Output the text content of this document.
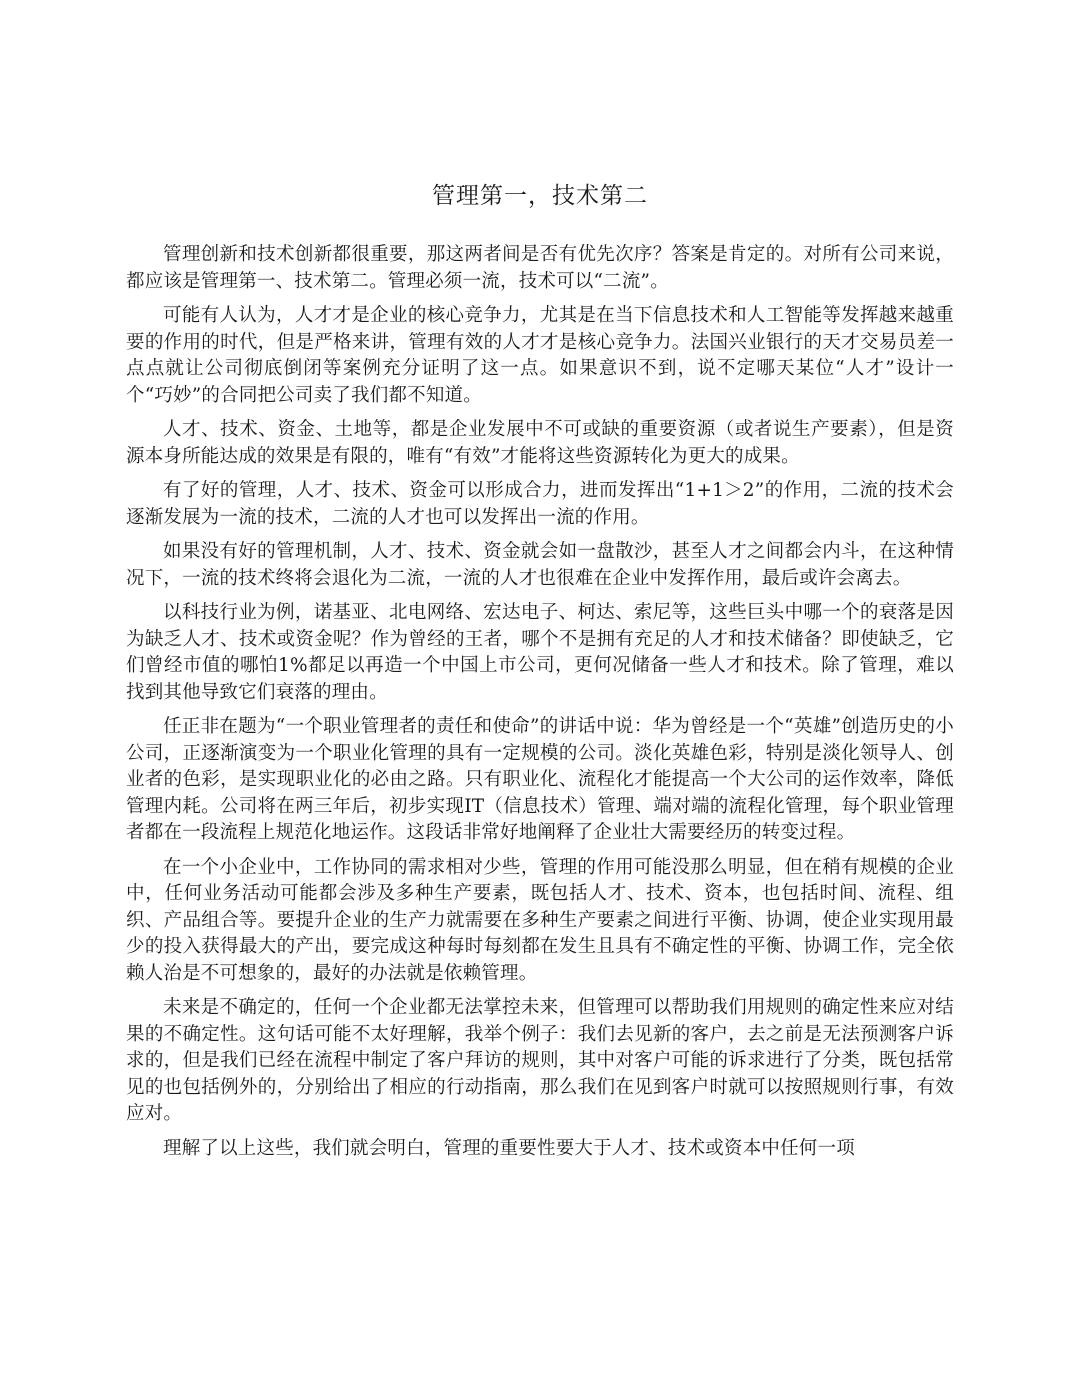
管理第一，技术第二

管理创新和技术创新都很重要，那这两者间是否有优先次序？答案是肯定的。对所有公司来说，都应该是管理第一、技术第二。管理必须一流，技术可以“二流”。

可能有人认为，人才才是企业的核心竞争力，尤其是在当下信息技术和人工智能等发挥越来越重要的作用的时代，但是严格来讲，管理有效的人才才是核心竞争力。法国兴业银行的天才交易员差一点点就让公司彻底倒闭等案例充分证明了这一点。如果意识不到，说不定哪天某位“人才”设计一个“巧妙”的合同把公司卖了我们都不知道。

人才、技术、资金、土地等，都是企业发展中不可或缺的重要资源（或者说生产要素），但是资源本身所能达成的效果是有限的，唯有“有效”才能将这些资源转化为更大的成果。

有了好的管理，人才、技术、资金可以形成合力，进而发挥出“1+1＞2”的作用，二流的技术会逐渐发展为一流的技术，二流的人才也可以发挥出一流的作用。

如果没有好的管理机制，人才、技术、资金就会如一盘散沙，甚至人才之间都会内斗，在这种情况下，一流的技术终将会退化为二流，一流的人才也很难在企业中发挥作用，最后或许会离去。

以科技行业为例，诺基亚、北电网络、宏达电子、柯达、索尼等，这些巨头中哪一个的衰落是因为缺乏人才、技术或资金呢？作为曾经的王者，哪个不是拥有充足的人才和技术储备？即使缺乏，它们曾经市值的哪怕1%都足以再造一个中国上市公司，更何况储备一些人才和技术。除了管理，难以找到其他导致它们衰落的理由。

任正非在题为“一个职业管理者的责任和使命”的讲话中说：华为曾经是一个“英雄”创造历史的小公司，正逐渐演变为一个职业化管理的具有一定规模的公司。淡化英雄色彩，特别是淡化领导人、创业者的色彩，是实现职业化的必由之路。只有职业化、流程化才能提高一个大公司的运作效率，降低管理内耗。公司将在两三年后，初步实现IT（信息技术）管理、端对端的流程化管理，每个职业管理者都在一段流程上规范化地运作。这段话非常好地阐释了企业壮大需要经历的转变过程。

在一个小企业中，工作协同的需求相对少些，管理的作用可能没那么明显，但在稍有规模的企业中，任何业务活动可能都会涉及多种生产要素，既包括人才、技术、资本，也包括时间、流程、组织、产品组合等。要提升企业的生产力就需要在多种生产要素之间进行平衡、协调，使企业实现用最少的投入获得最大的产出，要完成这种每时每刻都在发生且具有不确定性的平衡、协调工作，完全依赖人治是不可想象的，最好的办法就是依赖管理。

未来是不确定的，任何一个企业都无法掌控未来，但管理可以帮助我们用规则的确定性来应对结果的不确定性。这句话可能不太好理解，我举个例子：我们去见新的客户，去之前是无法预测客户诉求的，但是我们已经在流程中制定了客户拜访的规则，其中对客户可能的诉求进行了分类，既包括常见的也包括例外的，分别给出了相应的行动指南，那么我们在见到客户时就可以按照规则行事，有效应对。

理解了以上这些，我们就会明白，管理的重要性要大于人才、技术或资本中任何一项
